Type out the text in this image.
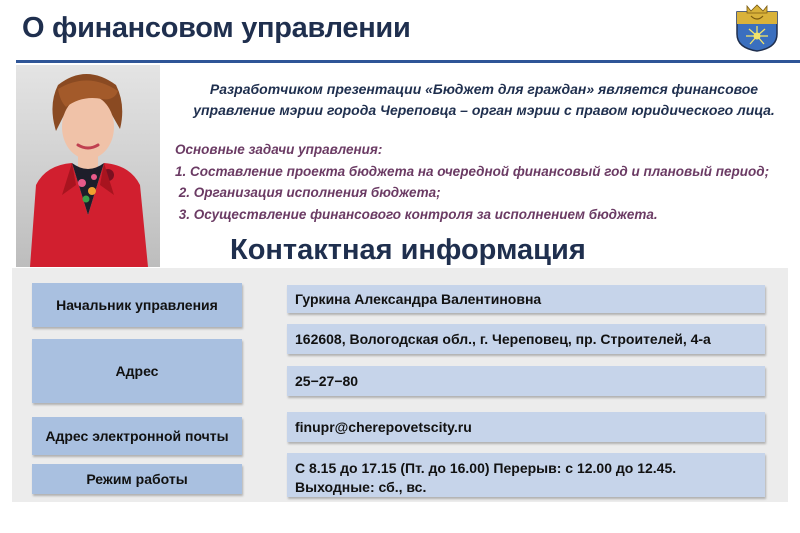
О финансовом управлении
Разработчиком презентации «Бюджет для граждан» является финансовое
управление мэрии города Череповца – орган мэрии с правом юридического лица.
Основные задачи управления:
1. Составление проекта бюджета на очередной финансовый год и плановый период;
2. Организация исполнения бюджета;
3. Осуществление финансового контроля за исполнением бюджета.
Контактная информация
Начальник управления	Гуркина Александра Валентиновна
Адрес
162608, Вологодская обл., г. Череповец, пр. Строителей, 4-а
25−27−80
Адрес электронной почты
finupr@cherepovetscity.ru
Режим работы
С 8.15 до 17.15 (Пт. до 16.00) Перерыв: с 12.00 до 12.45.
Выходные: сб., вс.
